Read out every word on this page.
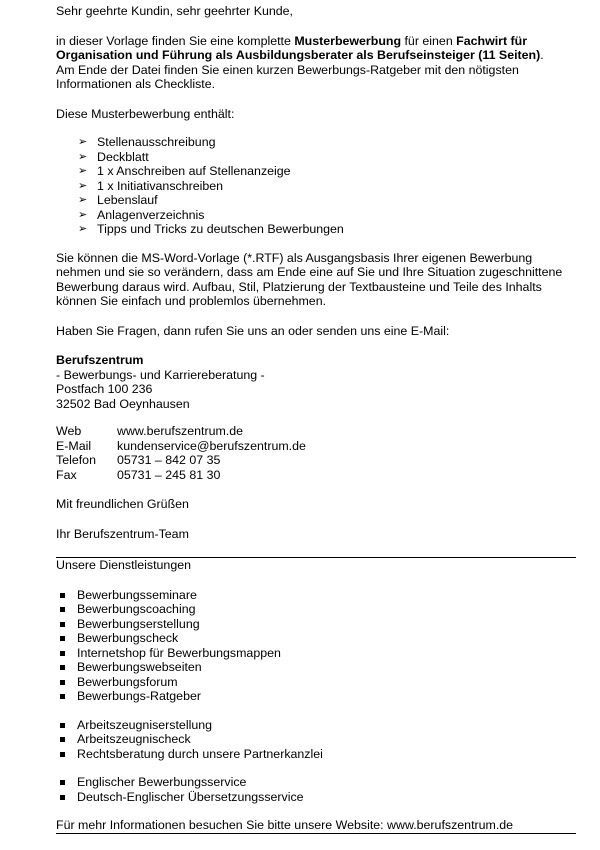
Sehr geehrte Kundin, sehr geehrter Kunde,

in dieser Vorlage finden Sie eine komplette Musterbewerbung für einen Fachwirt für Organisation und Führung als Ausbildungsberater als Berufseinsteiger (11 Seiten).
Am Ende der Datei finden Sie einen kurzen Bewerbungs-Ratgeber mit den nötigsten Informationen als Checkliste.

Diese Musterbewerbung enthält:

➢ Stellenausschreibung
➢ Deckblatt
➢ 1 x Anschreiben auf Stellenanzeige
➢ 1 x Initiativanschreiben
➢ Lebenslauf
➢ Anlagenverzeichnis
➢ Tipps und Tricks zu deutschen Bewerbungen

Sie können die MS-Word-Vorlage (*.RTF) als Ausgangsbasis Ihrer eigenen Bewerbung nehmen und sie so verändern, dass am Ende eine auf Sie und Ihre Situation zugeschnittene Bewerbung daraus wird. Aufbau, Stil, Platzierung der Textbausteine und Teile des Inhalts können Sie einfach und problemlos übernehmen.

Haben Sie Fragen, dann rufen Sie uns an oder senden uns eine E-Mail:

Berufszentrum

- Bewerbungs- und Karriereberatung -

Postfach 100 236

32502 Bad Oeynhausen

Web	www.berufszentrum.de
E-Mail	kundenservice@berufszentrum.de
Telefon	05731 – 842 07 35
Fax	05731 – 245 81 30

Mit freundlichen Grüßen

Ihr Berufszentrum-Team

Unsere Dienstleistungen

Bewerbungsseminare
Bewerbungscoaching
Bewerbungserstellung
Bewerbungscheck
Internetshop für Bewerbungsmappen
Bewerbungswebseiten
Bewerbungsforum
Bewerbungs-Ratgeber
Arbeitszeugniserstellung
Arbeitszeugnischeck
Rechtsberatung durch unsere Partnerkanzlei
Englischer Bewerbungsservice
Deutsch-Englischer Übersetzungsservice

Für mehr Informationen besuchen Sie bitte unsere Website: www.berufszentrum.de
